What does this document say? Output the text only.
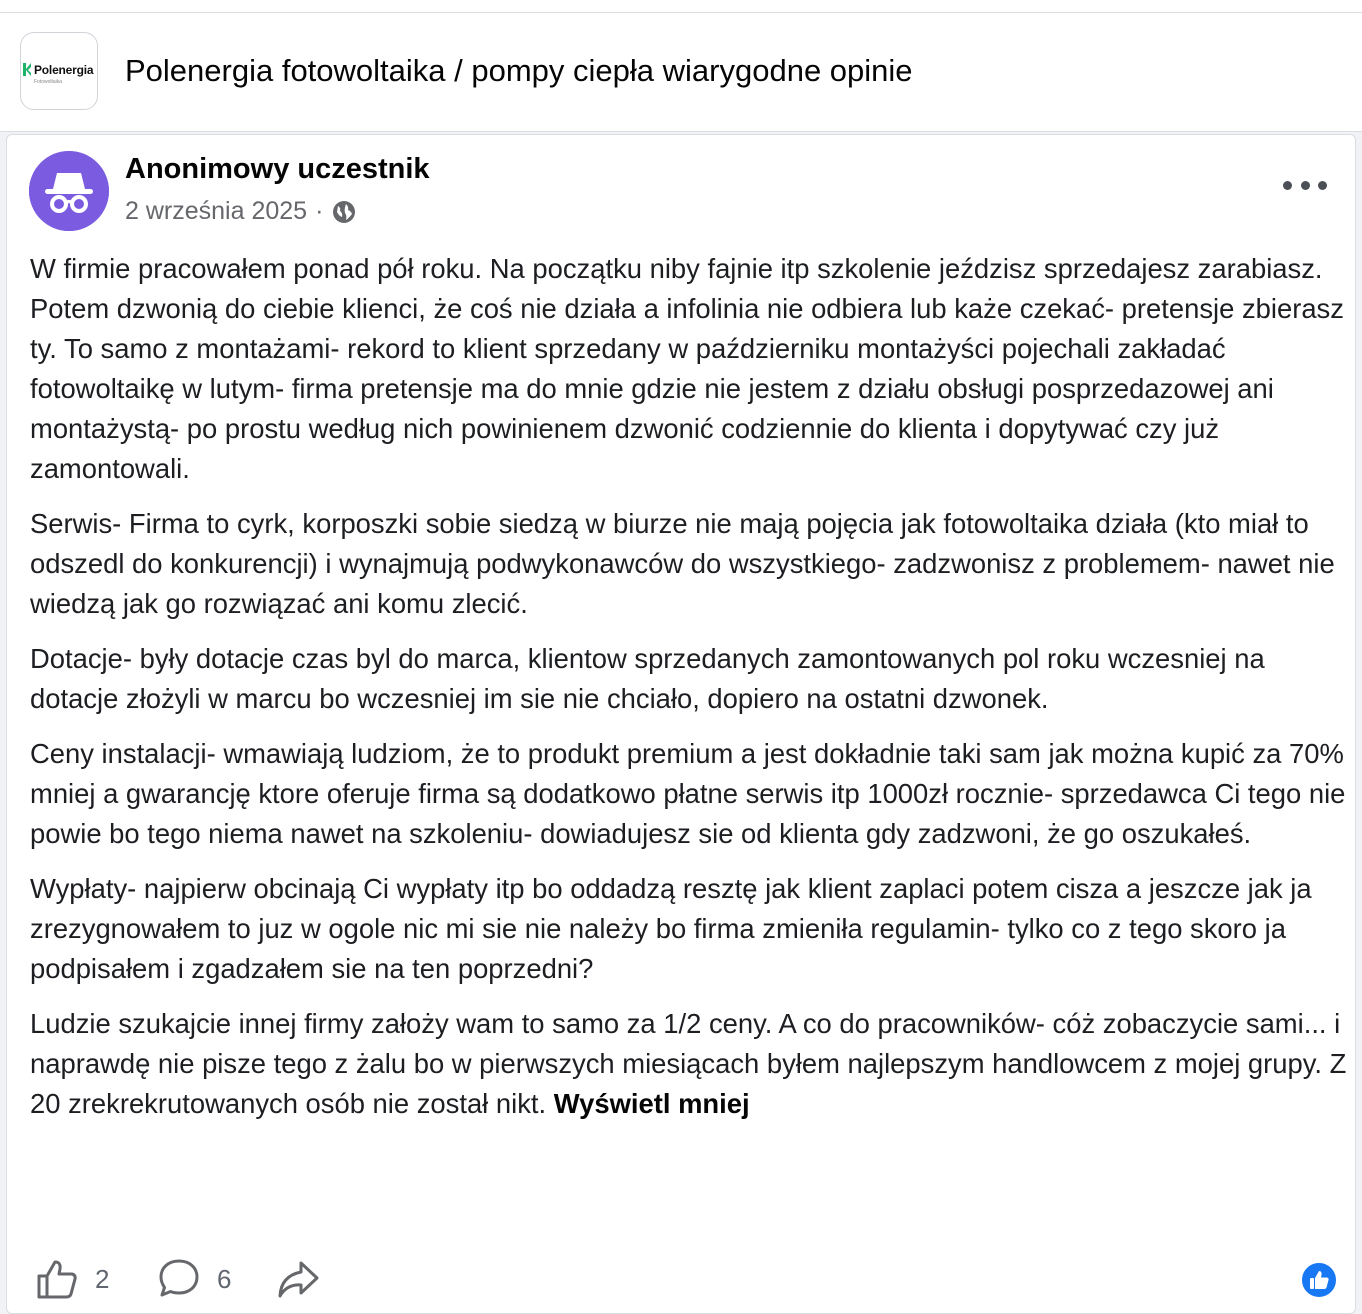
Polenergia
Fotowoltaika Polenergia fotowoltaika / pompy ciepła wiarygodne opinie
Anonimowy uczestnik
2 września 2025 ·

W firmie pracowałem ponad pół roku. Na początku niby fajnie itp szkolenie jeździsz sprzedajesz zarabiasz. Potem dzwonią do ciebie klienci, że coś nie działa a infolinia nie odbiera lub każe czekać- pretensje zbierasz ty. To samo z montażami- rekord to klient sprzedany w październiku montażyści pojechali zakładać fotowoltaikę w lutym- firma pretensje ma do mnie gdzie nie jestem z działu obsługi posprzedazowej ani montażystą- po prostu według nich powinienem dzwonić codziennie do klienta i dopytywać czy już zamontowali.

Serwis- Firma to cyrk, korposzki sobie siedzą w biurze nie mają pojęcia jak fotowoltaika działa (kto miał to odszedl do konkurencji) i wynajmują podwykonawców do wszystkiego- zadzwonisz z problemem- nawet nie wiedzą jak go rozwiązać ani komu zlecić.

Dotacje- były dotacje czas byl do marca, klientow sprzedanych zamontowanych pol roku wczesniej na dotacje złożyli w marcu bo wczesniej im sie nie chciało, dopiero na ostatni dzwonek.

Ceny instalacji- wmawiają ludziom, że to produkt premium a jest dokładnie taki sam jak można kupić za 70% mniej a gwarancję ktore oferuje firma są dodatkowo płatne serwis itp 1000zł rocznie- sprzedawca Ci tego nie powie bo tego niema nawet na szkoleniu- dowiadujesz sie od klienta gdy zadzwoni, że go oszukałeś.

Wypłaty- najpierw obcinają Ci wypłaty itp bo oddadzą resztę jak klient zaplaci potem cisza a jeszcze jak ja zrezygnowałem to juz w ogole nic mi sie nie należy bo firma zmieniła regulamin- tylko co z tego skoro ja podpisałem i zgadzałem sie na ten poprzedni?

Ludzie szukajcie innej firmy założy wam to samo za 1/2 ceny. A co do pracowników- cóż zobaczycie sami... i naprawdę nie pisze tego z żalu bo w pierwszych miesiącach byłem najlepszym handlowcem z mojej grupy. Z 20 zrekrekrutowanych osób nie został nikt. Wyświetl mniej

2	6
